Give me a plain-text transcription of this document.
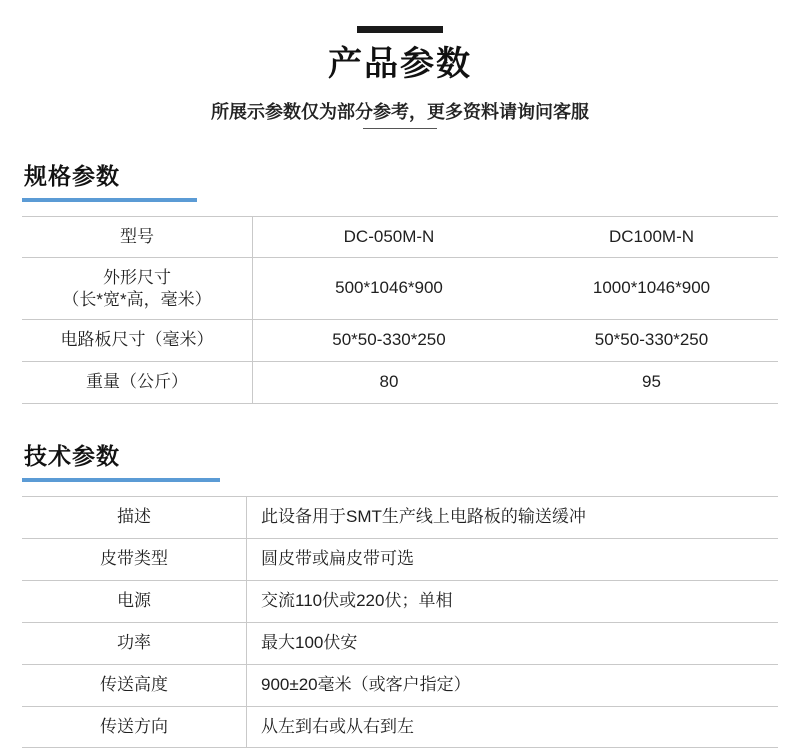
产品参数
所展示参数仅为部分参考，更多资料请询问客服
规格参数
型号	DC-050M-N	DC100M-N

外形尺寸
（长*宽*高，毫米）	500*1046*900	1000*1046*900
电路板尺寸（毫米）	50*50-330*250	50*50-330*250
重量（公斤）	80	95
技术参数
描述	此设备用于SMT生产线上电路板的输送缓冲
皮带类型	圆皮带或扁皮带可选
电源	交流110伏或220伏；单相
功率	最大100伏安
传送高度	900±20毫米（或客户指定）
传送方向	从左到右或从右到左
